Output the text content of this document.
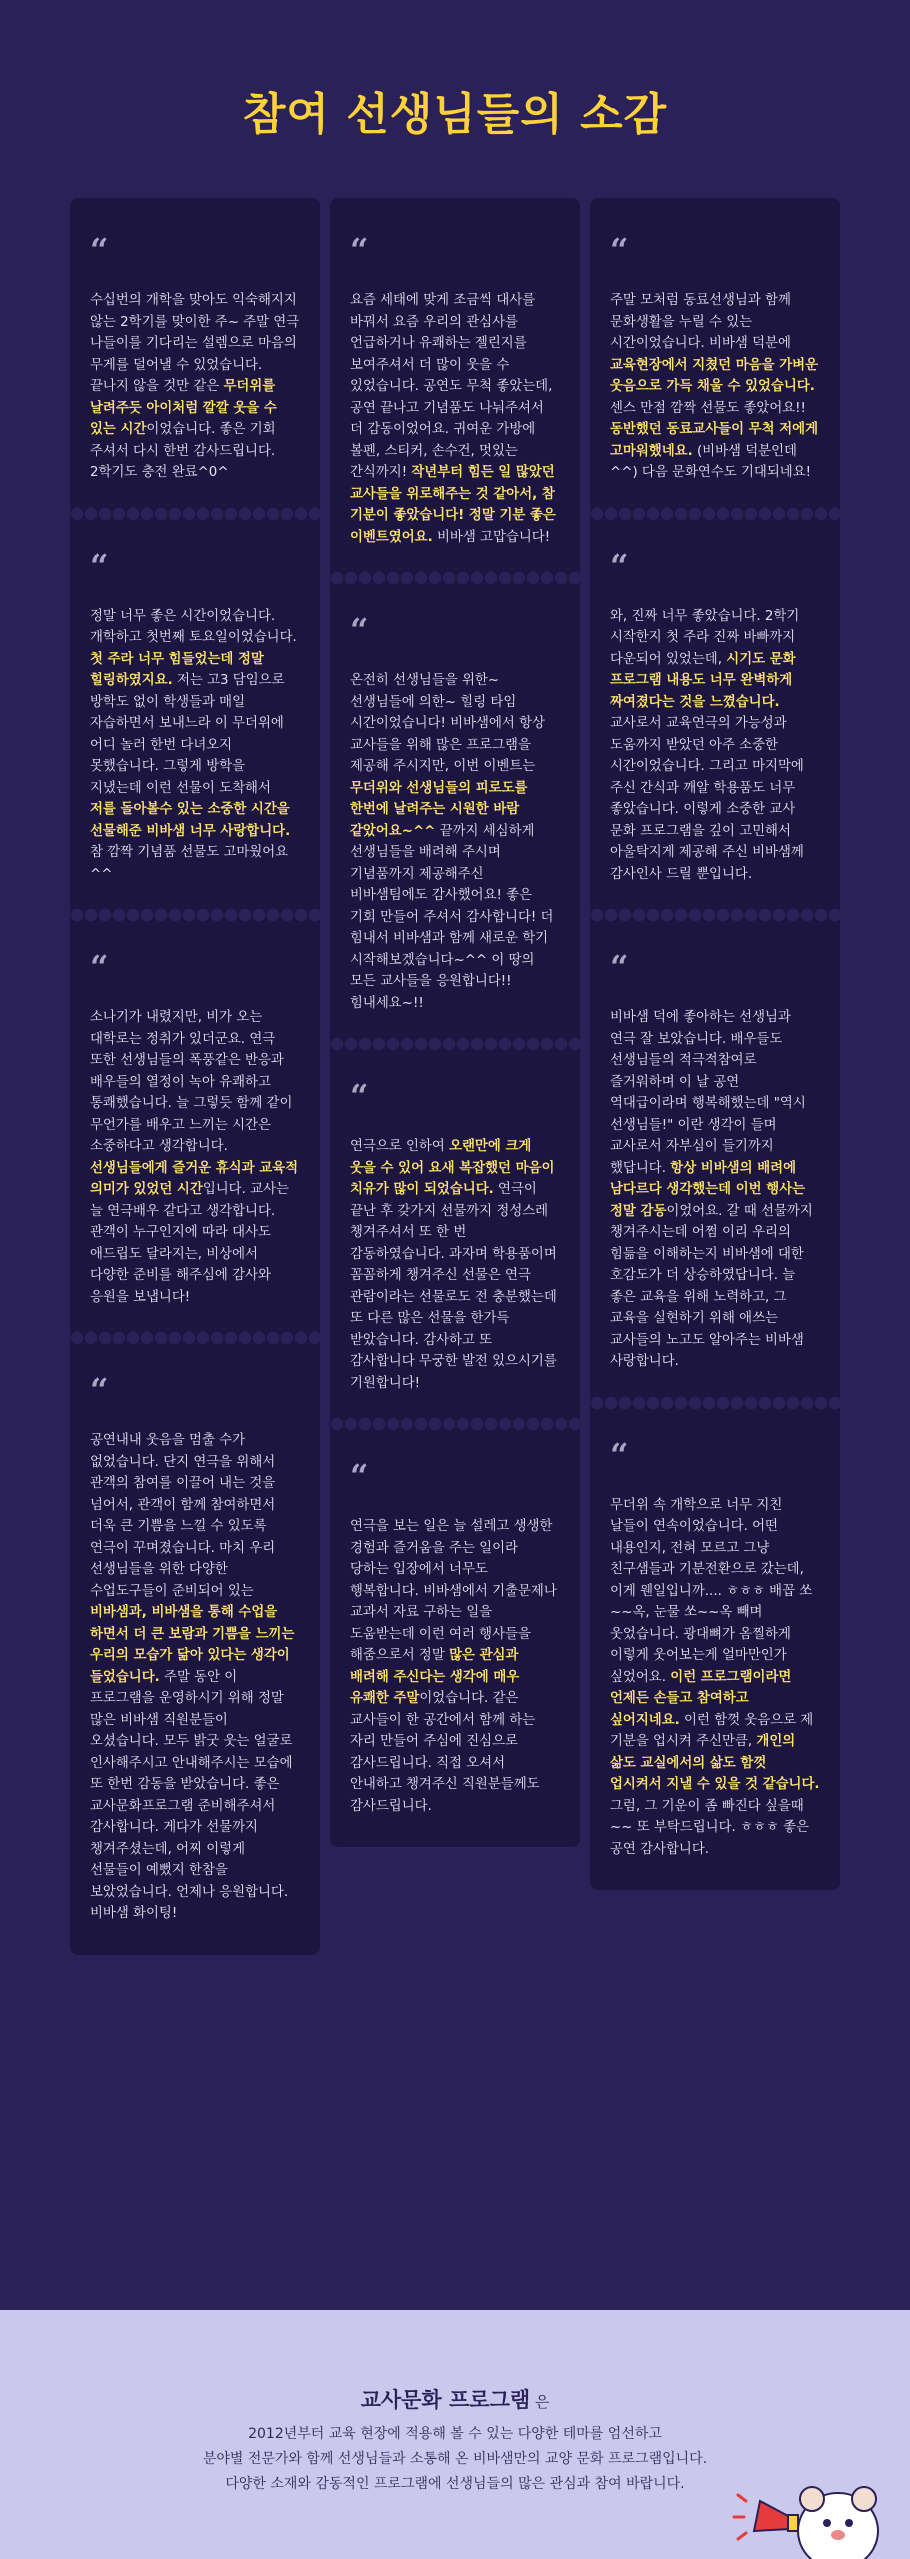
참여 선생님들의 소감
“

수십번의 개학을 맞아도 익숙해지지 않는 2학기를 맞이한 주~ 주말 연극 나들이를 기다리는 설렘으로 마음의 무게를 덜어낼 수 있었습니다. 끝나지 않을 것만 같은 무더위를 날려주듯 아이처럼 깔깔 웃을 수 있는 시간이었습니다. 좋은 기회 주셔서 다시 한번 감사드립니다. 2학기도 충전 완료^0^

“

정말 너무 좋은 시간이었습니다. 개학하고 첫번째 토요일이었습니다. 첫 주라 너무 힘들었는데 정말 힐링하였지요. 저는 고3 담임으로 방학도 없이 학생들과 매일 자습하면서 보내느라 이 무더위에 어디 놀러 한번 다녀오지 못했습니다. 그렇게 방학을 지냈는데 이런 선물이 도착해서 저를 돌아볼수 있는 소중한 시간을 선물해준 비바샘 너무 사랑합니다. 참 깜짝 기념품 선물도 고마웠어요^^

“

소나기가 내렸지만, 비가 오는 대학로는 정취가 있더군요. 연극 또한 선생님들의 폭풍같은 반응과 배우들의 열정이 녹아 유쾌하고 통쾌했습니다. 늘 그렇듯 함께 같이 무언가를 배우고 느끼는 시간은 소중하다고 생각합니다. 선생님들에게 즐거운 휴식과 교육적 의미가 있었던 시간입니다. 교사는 늘 연극배우 같다고 생각합니다. 관객이 누구인지에 따라 대사도 애드립도 달라지는, 비상에서 다양한 준비를 해주심에 감사와 응원을 보냅니다!

“

공연내내 웃음을 멈출 수가 없었습니다. 단지 연극을 위해서 관객의 참여를 이끌어 내는 것을 넘어서, 관객이 함께 참여하면서 더욱 큰 기쁨을 느낄 수 있도록 연극이 꾸며졌습니다. 마치 우리 선생님들을 위한 다양한 수업도구들이 준비되어 있는 비바샘과, 비바샘을 통해 수업을 하면서 더 큰 보람과 기쁨을 느끼는 우리의 모습가 닮아 있다는 생각이 들었습니다. 주말 동안 이 프로그램을 운영하시기 위해 정말 많은 비바샘 직원분들이 오셨습니다. 모두 밝굿 웃는 얼굴로 인사해주시고 안내해주시는 모습에 또 한번 감동을 받았습니다. 좋은 교사문화프로그램 준비해주셔서 감사합니다. 게다가 선물까지 챙겨주셨는데, 어찌 이렇게 선물들이 예뻤지 한참을 보았었습니다. 언제나 응원합니다. 비바샘 화이팅!

“

요즘 세태에 맞게 조금씩 대사를 바꿔서 요즘 우리의 관심사를 언급하거나 유쾌하는 젤린지를 보여주셔서 더 많이 웃을 수 있었습니다. 공연도 무척 좋았는데, 공연 끝나고 기념품도 나눠주셔서 더 감동이었어요. 귀여운 가방에 볼펜, 스티커, 손수건, 멋있는 간식까지! 작년부터 힘든 일 많았던 교사들을 위로해주는 것 같아서, 참 기분이 좋았습니다! 정말 기분 좋은 이벤트였어요. 비바샘 고맙습니다!

“

온전히 선생님들을 위한~ 선생님들에 의한~ 힐링 타임 시간이었습니다! 비바샘에서 항상 교사들을 위해 많은 프로그램을 제공해 주시지만, 이번 이벤트는 무더위와 선생님들의 피로도를 한번에 날려주는 시원한 바람 같았어요~^^ 끝까지 세심하게 선생님들을 배려해 주시며 기념품까지 제공해주신 비바샘팀에도 감사했어요! 좋은 기회 만들어 주셔서 감사합니다! 더 힘내서 비바샘과 함께 새로운 학기 시작해보겠습니다~^^ 이 땅의 모든 교사들을 응원합니다!! 힘내세요~!!

“

연극으로 인하여 오랜만에 크게 웃을 수 있어 요새 복잡했던 마음이 치유가 많이 되었습니다. 연극이 끝난 후 갖가지 선물까지 정성스레 챙겨주셔서 또 한 번 감동하였습니다. 과자며 학용품이며 꼼꼼하게 챙겨주신 선물은 연극 관람이라는 선물로도 전 충분했는데 또 다른 많은 선물을 한가득 받았습니다. 감사하고 또 감사합니다 무궁한 발전 있으시기를 기원합니다!

“

연극을 보는 일은 늘 설레고 생생한 경험과 즐거움을 주는 일이라 당하는 입장에서 너무도 행복합니다. 비바샘에서 기출문제나 교과서 자료 구하는 일을 도움받는데 이런 여러 행사들을 해줌으로서 정말 많은 관심과 배려해 주신다는 생각에 매우 유쾌한 주말이었습니다. 같은 교사들이 한 공간에서 함께 하는 자리 만들어 주심에 진심으로 감사드립니다. 직접 오셔서 안내하고 챙겨주신 직원분들께도 감사드립니다.

“

주말 모처럼 동료선생님과 함께 문화생활을 누릴 수 있는 시간이었습니다. 비바샘 덕분에 교육현장에서 지쳤던 마음을 가벼운 웃음으로 가득 채울 수 있었습니다. 센스 만점 깜짝 선물도 좋았어요!! 동반했던 동료교사들이 무척 저에게 고마워했네요. (비바샘 덕분인데^^) 다음 문화연수도 기대되네요!

“

와, 진짜 너무 좋았습니다. 2학기 시작한지 첫 주라 진짜 바빠까지 다운되어 있었는데, 시기도 문화 프로그램 내용도 너무 완벽하게 짜여졌다는 것을 느꼈습니다. 교사로서 교육연극의 가능성과 도움까지 받았던 아주 소중한 시간이었습니다. 그리고 마지막에 주신 간식과 깨알 학용품도 너무 좋았습니다. 이렇게 소중한 교사 문화 프로그램을 깊이 고민해서 아울탁지게 제공해 주신 비바샘께 감사인사 드릴 뿐입니다.

“

비바샘 덕에 좋아하는 선생님과 연극 잘 보았습니다. 배우들도 선생님들의 적극적참여로 즐거워하며 이 날 공연 역대급이라며 행복해했는데 "역시 선생님들!" 이란 생각이 들며 교사로서 자부심이 들기까지 했답니다. 항상 비바샘의 배려에 남다르다 생각했는데 이번 행사는 정말 감동이었어요. 갈 때 선물까지 챙겨주시는데 어쩜 이리 우리의 힘듦을 이해하는지 비바샘에 대한 호감도가 더 상승하였답니다. 늘 좋은 교육을 위해 노력하고, 그 교육을 실현하기 위해 애쓰는 교사들의 노고도 알아주는 비바샘 사랑합니다.

“

무더위 속 개학으로 너무 지친 날들이 연속이었습니다. 어떤 내용인지, 전혀 모르고 그냥 친구샘들과 기분전환으로 갔는데, 이게 웬일입니까.... ㅎㅎㅎ 배꼽 쏘~~옥, 눈물 쏘~~옥 빼며 웃었습니다. 광대뼈가 옴찔하게 이렇게 웃어보는게 얼마만인가 싶었어요. 이런 프로그램이라면 언제든 손들고 참여하고 싶어지네요. 이런 함껏 웃음으로 제 기분을 업시켜 주신만큼, 개인의 삶도 교실에서의 삶도 함껏 업시켜서 지낼 수 있을 것 같습니다. 그럼, 그 기운이 좀 빠진다 싶을때~~ 또 부탁드립니다. ㅎㅎㅎ 좋은 공연 감사합니다.

교사문화 프로그램 은
2012년부터 교육 현장에 적용해 볼 수 있는 다양한 테마를 엄선하고
분야별 전문가와 함께 선생님들과 소통해 온 비바샘만의 교양 문화 프로그램입니다.
다양한 소재와 감동적인 프로그램에 선생님들의 많은 관심과 참여 바랍니다.
